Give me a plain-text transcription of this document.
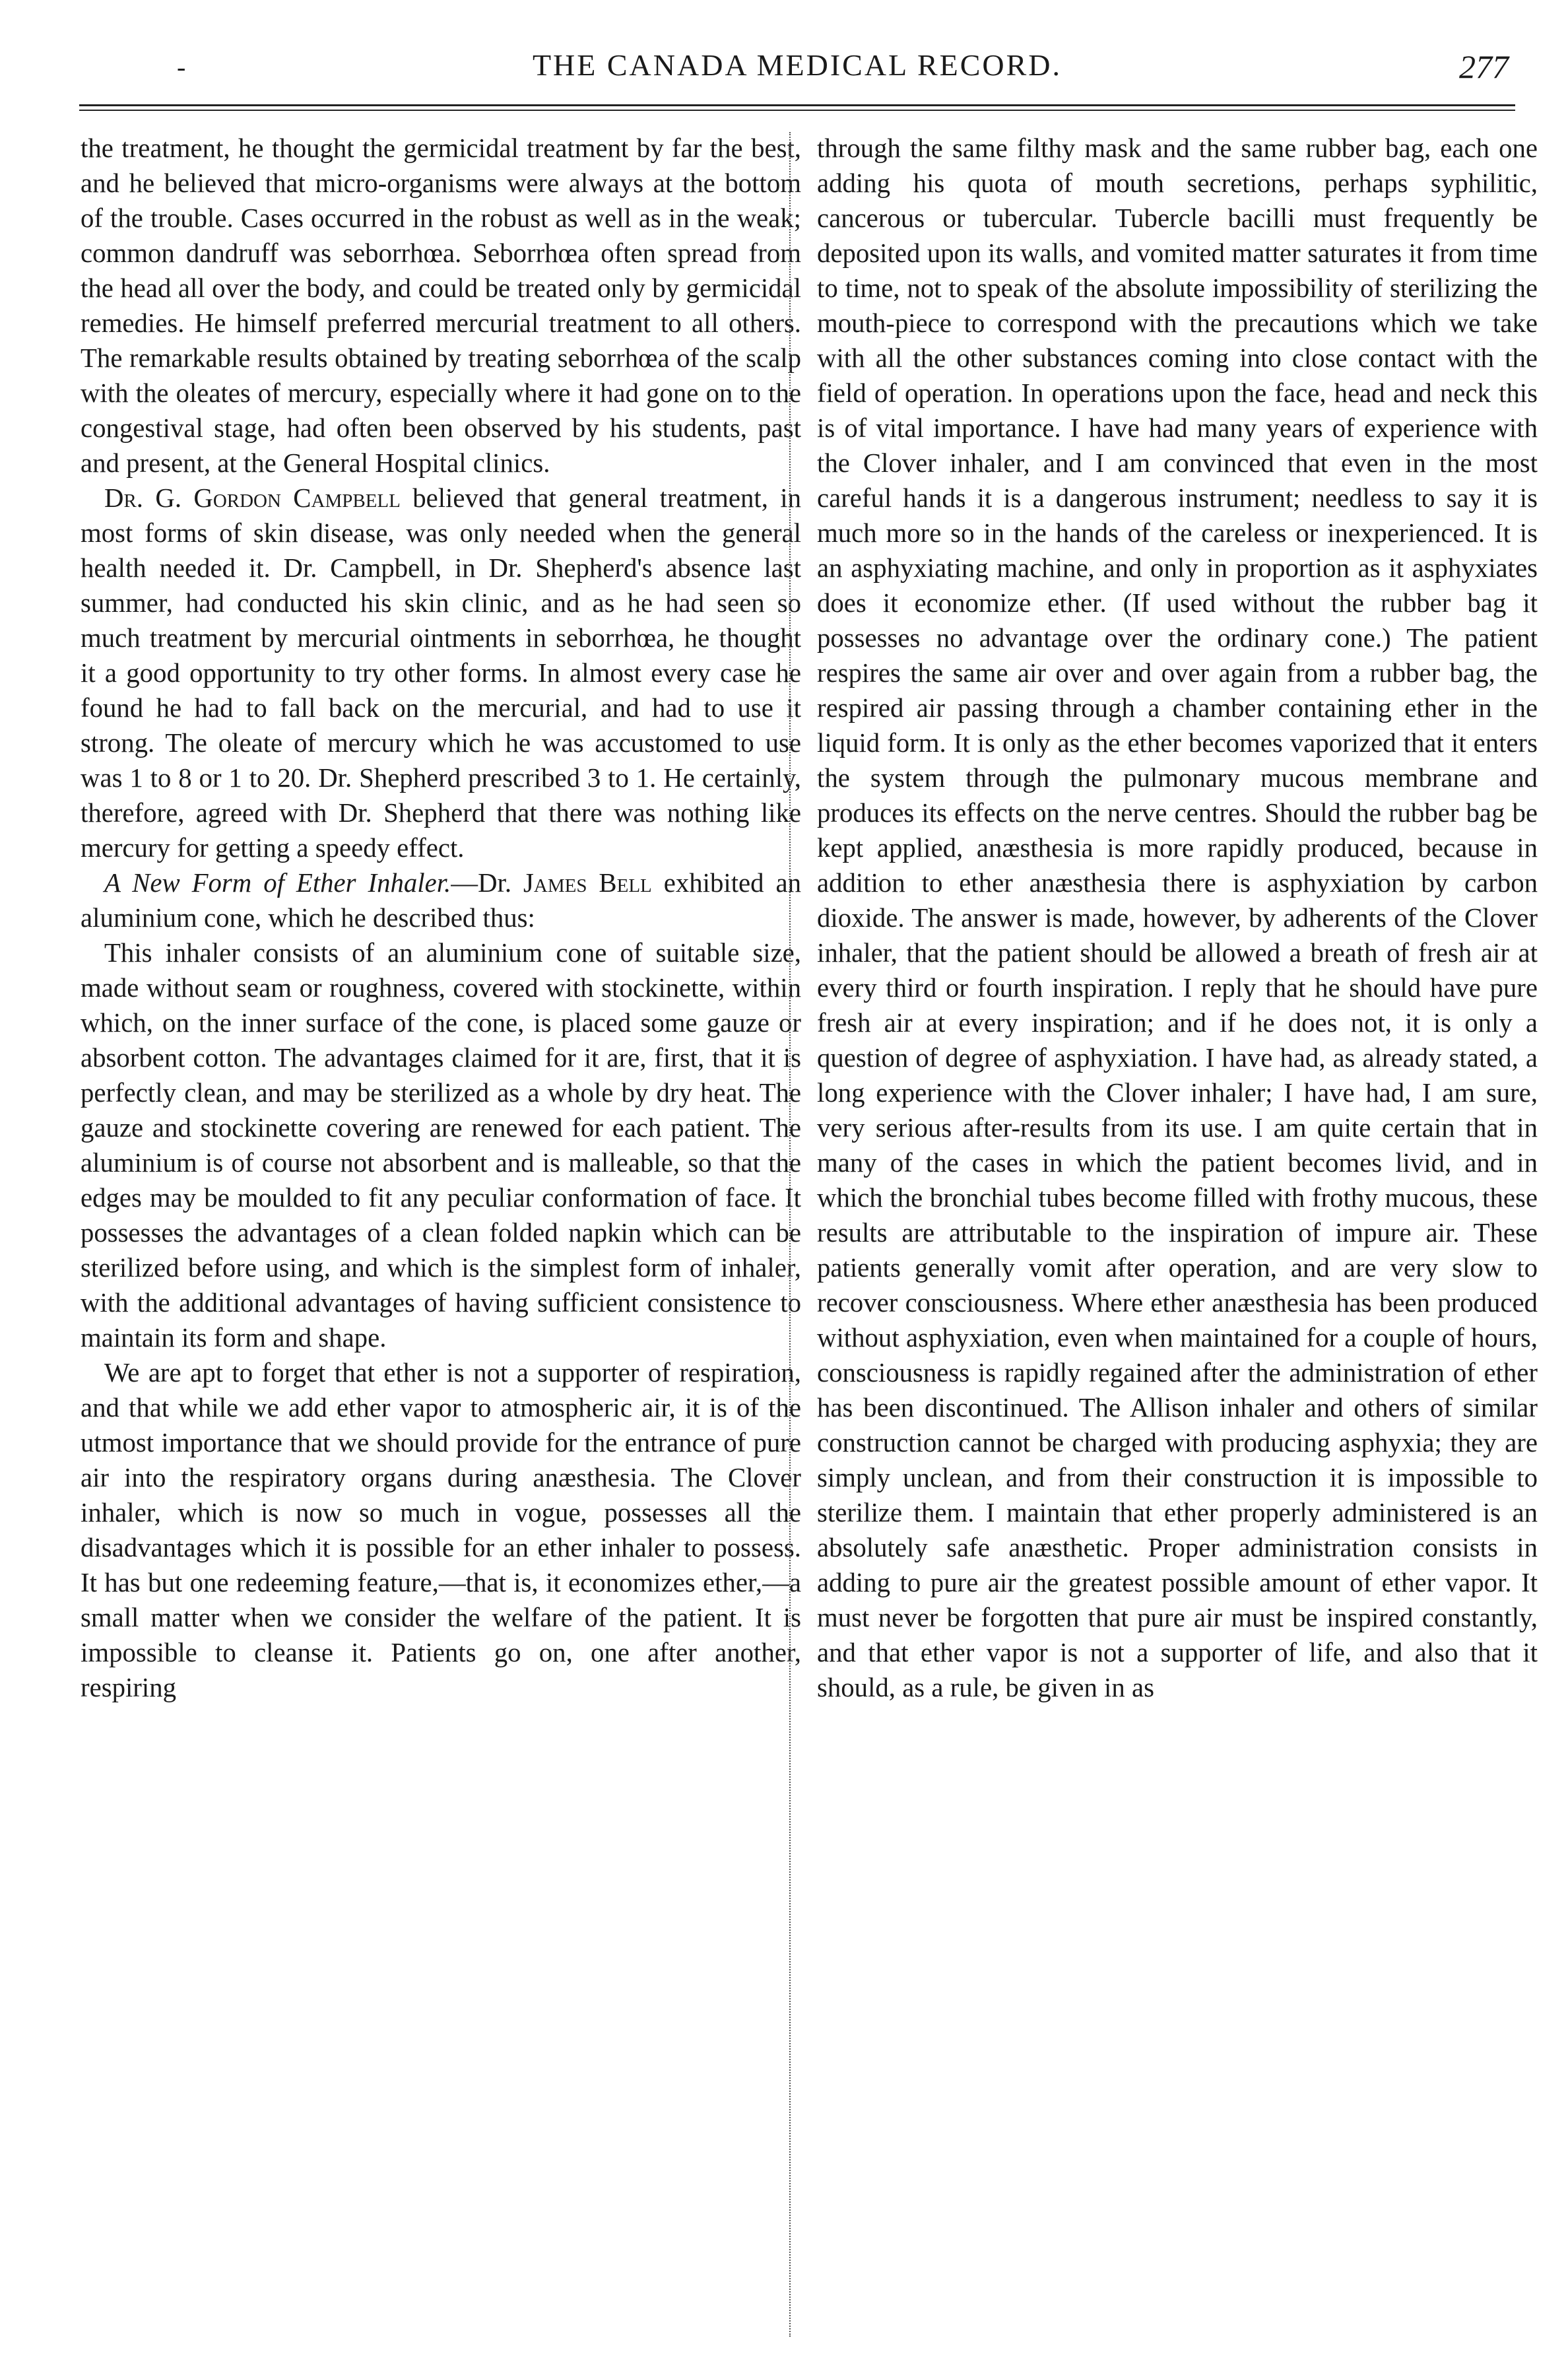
-	THE CANADA MEDICAL RECORD.	277

the treatment, he thought the germicidal treatment by far the best, and he believed that micro-organisms were always at the bottom of the trouble. Cases occurred in the robust as well as in the weak; common dandruff was seborrhœa. Seborrhœa often spread from the head all over the body, and could be treated only by germicidal remedies. He himself preferred mercurial treatment to all others. The remarkable results obtained by treating seborrhœa of the scalp with the oleates of mercury, especially where it had gone on to the congestival stage, had often been observed by his students, past and present, at the General Hospital clinics.

Dr. G. Gordon Campbell believed that general treatment, in most forms of skin disease, was only needed when the general health needed it. Dr. Campbell, in Dr. Shepherd's absence last summer, had conducted his skin clinic, and as he had seen so much treatment by mercurial ointments in seborrhœa, he thought it a good opportunity to try other forms. In almost every case he found he had to fall back on the mercurial, and had to use it strong. The oleate of mercury which he was accustomed to use was 1 to 8 or 1 to 20. Dr. Shepherd prescribed 3 to 1. He certainly, therefore, agreed with Dr. Shepherd that there was nothing like mercury for getting a speedy effect.

A New Form of Ether Inhaler.—Dr. James Bell exhibited an aluminium cone, which he described thus:

This inhaler consists of an aluminium cone of suitable size, made without seam or roughness, covered with stockinette, within which, on the inner surface of the cone, is placed some gauze or absorbent cotton. The advantages claimed for it are, first, that it is perfectly clean, and may be sterilized as a whole by dry heat. The gauze and stockinette covering are renewed for each patient. The aluminium is of course not absorbent and is malleable, so that the edges may be moulded to fit any peculiar conformation of face. It possesses the advantages of a clean folded napkin which can be sterilized before using, and which is the simplest form of inhaler, with the additional advantages of having sufficient consistence to maintain its form and shape.

We are apt to forget that ether is not a supporter of respiration, and that while we add ether vapor to atmospheric air, it is of the utmost importance that we should provide for the entrance of pure air into the respiratory organs during anæsthesia. The Clover inhaler, which is now so much in vogue, possesses all the disadvantages which it is possible for an ether inhaler to possess. It has but one redeeming feature,—that is, it economizes ether,—a small matter when we consider the welfare of the patient. It is impossible to cleanse it. Patients go on, one after another, respiring

through the same filthy mask and the same rubber bag, each one adding his quota of mouth secretions, perhaps syphilitic, cancerous or tubercular. Tubercle bacilli must frequently be deposited upon its walls, and vomited matter saturates it from time to time, not to speak of the absolute impossibility of sterilizing the mouth-piece to correspond with the precautions which we take with all the other substances coming into close contact with the field of operation. In operations upon the face, head and neck this is of vital importance. I have had many years of experience with the Clover inhaler, and I am convinced that even in the most careful hands it is a dangerous instrument; needless to say it is much more so in the hands of the careless or inexperienced. It is an asphyxiating machine, and only in proportion as it asphyxiates does it economize ether. (If used without the rubber bag it possesses no advantage over the ordinary cone.) The patient respires the same air over and over again from a rubber bag, the respired air passing through a chamber containing ether in the liquid form. It is only as the ether becomes vaporized that it enters the system through the pulmonary mucous membrane and produces its effects on the nerve centres. Should the rubber bag be kept applied, anæsthesia is more rapidly produced, because in addition to ether anæsthesia there is asphyxiation by carbon dioxide. The answer is made, however, by adherents of the Clover inhaler, that the patient should be allowed a breath of fresh air at every third or fourth inspiration. I reply that he should have pure fresh air at every inspiration; and if he does not, it is only a question of degree of asphyxiation. I have had, as already stated, a long experience with the Clover inhaler; I have had, I am sure, very serious after-results from its use. I am quite certain that in many of the cases in which the patient becomes livid, and in which the bronchial tubes become filled with frothy mucous, these results are attributable to the inspiration of impure air. These patients generally vomit after operation, and are very slow to recover consciousness. Where ether anæsthesia has been produced without asphyxiation, even when maintained for a couple of hours, consciousness is rapidly regained after the administration of ether has been discontinued. The Allison inhaler and others of similar construction cannot be charged with producing asphyxia; they are simply unclean, and from their construction it is impossible to sterilize them. I maintain that ether properly administered is an absolutely safe anæsthetic. Proper administration consists in adding to pure air the greatest possible amount of ether vapor. It must never be forgotten that pure air must be inspired constantly, and that ether vapor is not a supporter of life, and also that it should, as a rule, be given in as
